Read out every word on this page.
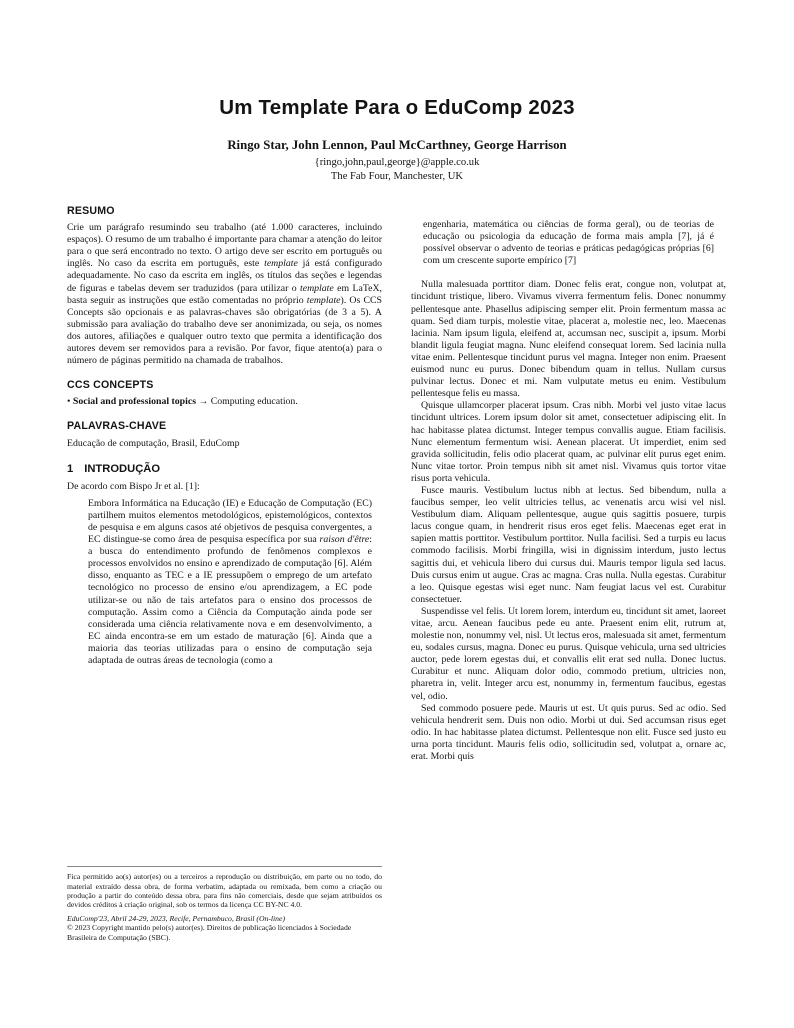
Um Template Para o EduComp 2023
Ringo Star, John Lennon, Paul McCarthney, George Harrison
{ringo,john,paul,george}@apple.co.uk
The Fab Four, Manchester, UK
RESUMO

Crie um parágrafo resumindo seu trabalho (até 1.000 caracteres, incluindo espaços). O resumo de um trabalho é importante para chamar a atenção do leitor para o que será encontrado no texto. O artigo deve ser escrito em português ou inglês. No caso da escrita em português, este template já está configurado adequadamente. No caso da escrita em inglês, os títulos das seções e legendas de figuras e tabelas devem ser traduzidos (para utilizar o template em LaTeX, basta seguir as instruções que estão comentadas no próprio template). Os CCS Concepts são opcionais e as palavras-chaves são obrigatórias (de 3 a 5). A submissão para avaliação do trabalho deve ser anonimizada, ou seja, os nomes dos autores, afiliações e qualquer outro texto que permita a identificação dos autores devem ser removidos para a revisão. Por favor, fique atento(a) para o número de páginas permitido na chamada de trabalhos.

CCS CONCEPTS

• Social and professional topics → Computing education.

PALAVRAS-CHAVE

Educação de computação, Brasil, EduComp

1 INTRODUÇÃO

De acordo com Bispo Jr et al. [1]:

Embora Informática na Educação (IE) e Educação de Computação (EC) partilhem muitos elementos metodológicos, epistemológicos, contextos de pesquisa e em alguns casos até objetivos de pesquisa convergentes, a EC distingue-se como área de pesquisa específica por sua raison d'être: a busca do entendimento profundo de fenômenos complexos e processos envolvidos no ensino e aprendizado de computação [6]. Além disso, enquanto as TEC e a IE pressupõem o emprego de um artefato tecnológico no processo de ensino e/ou aprendizagem, a EC pode utilizar-se ou não de tais artefatos para o ensino dos processos de computação. Assim como a Ciência da Computação ainda pode ser considerada uma ciência relativamente nova e em desenvolvimento, a EC ainda encontra-se em um estado de maturação [6]. Ainda que a maioria das teorias utilizadas para o ensino de computação seja adaptada de outras áreas de tecnologia (como a

Fica permitido ao(s) autor(es) ou a terceiros a reprodução ou distribuição, em parte ou no todo, do material extraído dessa obra, de forma verbatim, adaptada ou remixada, bem como a criação ou produção a partir do conteúdo dessa obra, para fins não comerciais, desde que sejam atribuídos os devidos créditos à criação original, sob os termos da licença CC BY-NC 4.0.

EduComp'23, Abril 24-29, 2023, Recife, Pernambuco, Brasil (On-line)

© 2023 Copyright mantido pelo(s) autor(es). Direitos de publicação licenciados à Sociedade Brasileira de Computação (SBC).

engenharia, matemática ou ciências de forma geral), ou de teorias de educação ou psicologia da educação de forma mais ampla [7], já é possível observar o advento de teorias e práticas pedagógicas próprias [6] com um crescente suporte empírico [7]

Nulla malesuada porttitor diam. Donec felis erat, congue non, volutpat at, tincidunt tristique, libero. Vivamus viverra fermentum felis. Donec nonummy pellentesque ante. Phasellus adipiscing semper elit. Proin fermentum massa ac quam. Sed diam turpis, molestie vitae, placerat a, molestie nec, leo. Maecenas lacinia. Nam ipsum ligula, eleifend at, accumsan nec, suscipit a, ipsum. Morbi blandit ligula feugiat magna. Nunc eleifend consequat lorem. Sed lacinia nulla vitae enim. Pellentesque tincidunt purus vel magna. Integer non enim. Praesent euismod nunc eu purus. Donec bibendum quam in tellus. Nullam cursus pulvinar lectus. Donec et mi. Nam vulputate metus eu enim. Vestibulum pellentesque felis eu massa.

Quisque ullamcorper placerat ipsum. Cras nibh. Morbi vel justo vitae lacus tincidunt ultrices. Lorem ipsum dolor sit amet, consectetuer adipiscing elit. In hac habitasse platea dictumst. Integer tempus convallis augue. Etiam facilisis. Nunc elementum fermentum wisi. Aenean placerat. Ut imperdiet, enim sed gravida sollicitudin, felis odio placerat quam, ac pulvinar elit purus eget enim. Nunc vitae tortor. Proin tempus nibh sit amet nisl. Vivamus quis tortor vitae risus porta vehicula.

Fusce mauris. Vestibulum luctus nibh at lectus. Sed bibendum, nulla a faucibus semper, leo velit ultricies tellus, ac venenatis arcu wisi vel nisl. Vestibulum diam. Aliquam pellentesque, augue quis sagittis posuere, turpis lacus congue quam, in hendrerit risus eros eget felis. Maecenas eget erat in sapien mattis porttitor. Vestibulum porttitor. Nulla facilisi. Sed a turpis eu lacus commodo facilisis. Morbi fringilla, wisi in dignissim interdum, justo lectus sagittis dui, et vehicula libero dui cursus dui. Mauris tempor ligula sed lacus. Duis cursus enim ut augue. Cras ac magna. Cras nulla. Nulla egestas. Curabitur a leo. Quisque egestas wisi eget nunc. Nam feugiat lacus vel est. Curabitur consectetuer.

Suspendisse vel felis. Ut lorem lorem, interdum eu, tincidunt sit amet, laoreet vitae, arcu. Aenean faucibus pede eu ante. Praesent enim elit, rutrum at, molestie non, nonummy vel, nisl. Ut lectus eros, malesuada sit amet, fermentum eu, sodales cursus, magna. Donec eu purus. Quisque vehicula, urna sed ultricies auctor, pede lorem egestas dui, et convallis elit erat sed nulla. Donec luctus. Curabitur et nunc. Aliquam dolor odio, commodo pretium, ultricies non, pharetra in, velit. Integer arcu est, nonummy in, fermentum faucibus, egestas vel, odio.

Sed commodo posuere pede. Mauris ut est. Ut quis purus. Sed ac odio. Sed vehicula hendrerit sem. Duis non odio. Morbi ut dui. Sed accumsan risus eget odio. In hac habitasse platea dictumst. Pellentesque non elit. Fusce sed justo eu urna porta tincidunt. Mauris felis odio, sollicitudin sed, volutpat a, ornare ac, erat. Morbi quis
